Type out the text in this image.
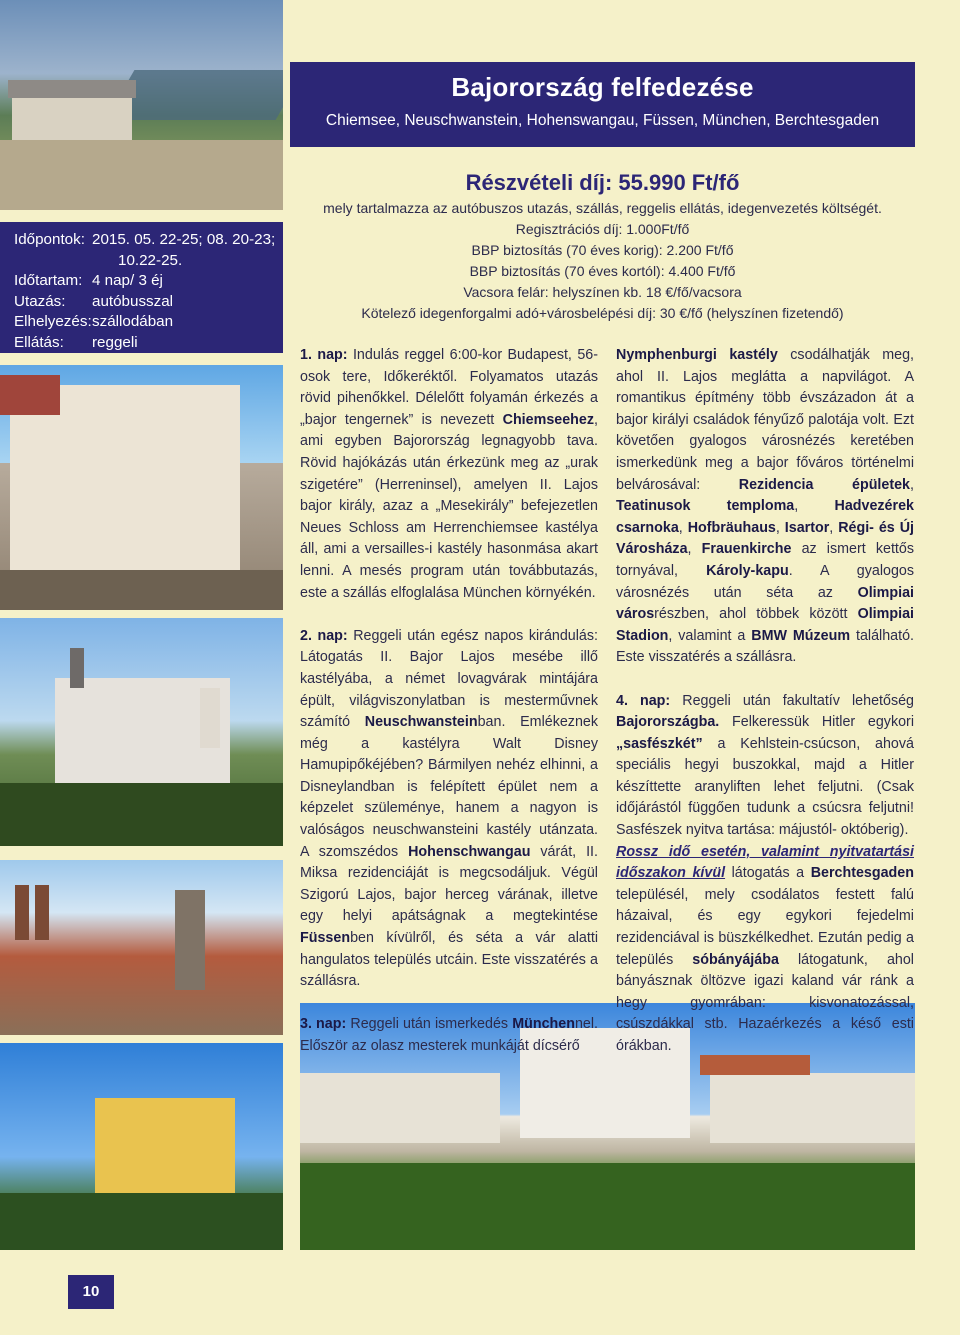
Bajorország felfedezése
Chiemsee, Neuschwanstein, Hohenswangau, Füssen, München, Berchtesgaden
Időpontok:	2015. 05. 22-25; 08. 20-23;
10.22-25.

Időtartam:	4 nap/ 3 éj
Utazás:	autóbusszal
Elhelyezés:	szállodában
Ellátás:	reggeli
Részvételi díj: 55.990 Ft/fő
mely tartalmazza az autóbuszos utazás, szállás, reggelis ellátás, idegenvezetés költségét.
Regisztrációs díj: 1.000Ft/fő
BBP biztosítás (70 éves korig): 2.200 Ft/fő
BBP biztosítás (70 éves kortól): 4.400 Ft/fő
Vacsora felár: helyszínen kb. 18 €/fő/vacsora
Kötelező idegenforgalmi adó+városbelépési díj: 30 €/fő (helyszínen fizetendő)

1. nap: Indulás reggel 6:00-kor Budapest, 56-osok tere, Időkeréktől. Folyamatos utazás rövid pihenőkkel. Délelőtt folyamán érkezés a „bajor tengernek” is nevezett Chiemseehez, ami egyben Bajorország legnagyobb tava. Rövid hajókázás után érkezünk meg az „urak szigetére” (Herreninsel), amelyen II. Lajos bajor király, azaz a „Mesekirály” befejezetlen Neues Schloss am Herrenchiemsee kastélya áll, ami a versailles-i kastély hasonmása akart lenni. A mesés program után továbbutazás, este a szállás elfoglalása München környékén.

2. nap: Reggeli után egész napos kirándulás: Látogatás II. Bajor Lajos mesébe illő kastélyába, a német lovagvárak mintájára épült, világviszonylatban is mesterművnek számító Neuschwansteinban. Emlékeznek még a kastélyra Walt Disney Hamupipőkéjében? Bármilyen nehéz elhinni, a Disneylandban is felépített épület nem a képzelet szüleménye, hanem a nagyon is valóságos neuschwansteini kastély utánzata. A szomszédos Hohenschwangau várát, II. Miksa rezidenciáját is megcsodáljuk. Végül Szigorú Lajos, bajor herceg várának, illetve egy helyi apátságnak a megtekintése Füssenben kívülről, és séta a vár alatti hangulatos település utcáin. Este visszatérés a szállásra.

3. nap: Reggeli után ismerkedés Münchennel. Először az olasz mesterek munkáját dícsérő

Nymphenburgi kastély csodálhatják meg, ahol II. Lajos meglátta a napvilágot. A romantikus építmény több évszázadon át a bajor királyi családok fényűző palotája volt. Ezt követően gyalogos városnézés keretében ismerkedünk meg a bajor főváros történelmi belvárosával: Rezidencia épületek, Teatinusok temploma, Hadvezérek csarnoka, Hofbräuhaus, Isartor, Régi- és Új Városháza, Frauenkirche az ismert kettős tornyával, Károly-kapu. A gyalogos városnézés után séta az Olimpiai városrészben, ahol többek között Olimpiai Stadion, valamint a BMW Múzeum található. Este visszatérés a szállásra.

4. nap: Reggeli után fakultatív lehetőség Bajorországba. Felkeressük Hitler egykori „sasfészkét” a Kehlstein-csúcson, ahová speciális hegyi buszokkal, majd a Hitler készíttette aranyliften lehet feljutni. (Csak időjárástól függően tudunk a csúcsra feljutni! Sasfészek nyitva tartása: májustól- októberig).
Rossz idő esetén, valamint nyitvatartási időszakon kívül látogatás a Berchtesgaden településél, mely csodálatos festett falú házaival, és egy egykori fejedelmi rezidenciával is büszkélkedhet. Ezután pedig a település sóbányájába látogatunk, ahol bányásznak öltözve igazi kaland vár ránk a hegy gyomrában: kisvonatozással, csúszdákkal stb. Hazaérkezés a késő esti órákban.

10
